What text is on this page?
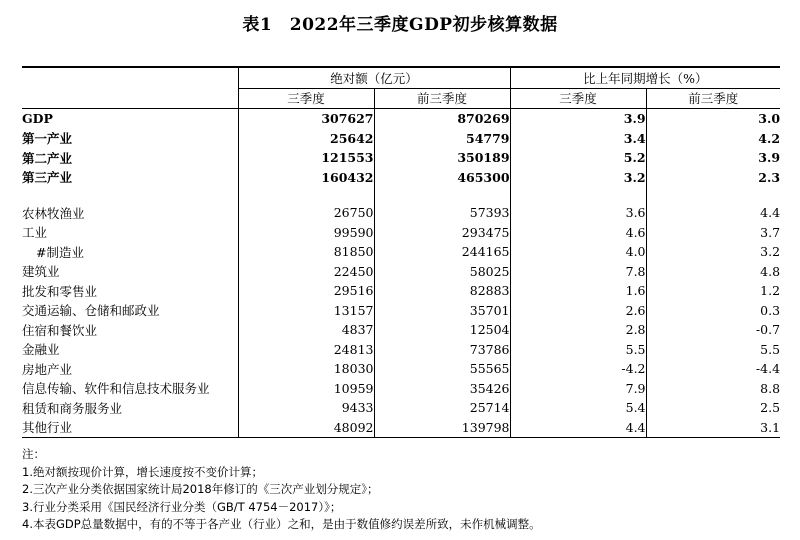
表1　2022年三季度GDP初步核算数据
	绝对额（亿元）		比上年同期增长（%）	
	三季度	前三季度	三季度	前三季度
GDP	307627	870269	3.9	3.0
第一产业	25642	54779	3.4	4.2
第二产业	121553	350189	5.2	3.9
第三产业	160432	465300	3.2	2.3

农林牧渔业	26750	57393	3.6	4.4
工业	99590	293475	4.6	3.7
#制造业	81850	244165	4.0	3.2
建筑业	22450	58025	7.8	4.8
批发和零售业	29516	82883	1.6	1.2
交通运输、仓储和邮政业	13157	35701	2.6	0.3
住宿和餐饮业	4837	12504	2.8	-0.7
金融业	24813	73786	5.5	5.5
房地产业	18030	55565	-4.2	-4.4
信息传输、软件和信息技术服务业	10959	35426	7.9	8.8
租赁和商务服务业	9433	25714	5.4	2.5
其他行业	48092	139798	4.4	3.1
注：
1.绝对额按现价计算，增长速度按不变价计算；
2.三次产业分类依据国家统计局2018年修订的《三次产业划分规定》；
3.行业分类采用《国民经济行业分类（GB/T 4754－2017）》；
4.本表GDP总量数据中，有的不等于各产业（行业）之和，是由于数值修约误差所致，未作机械调整。
